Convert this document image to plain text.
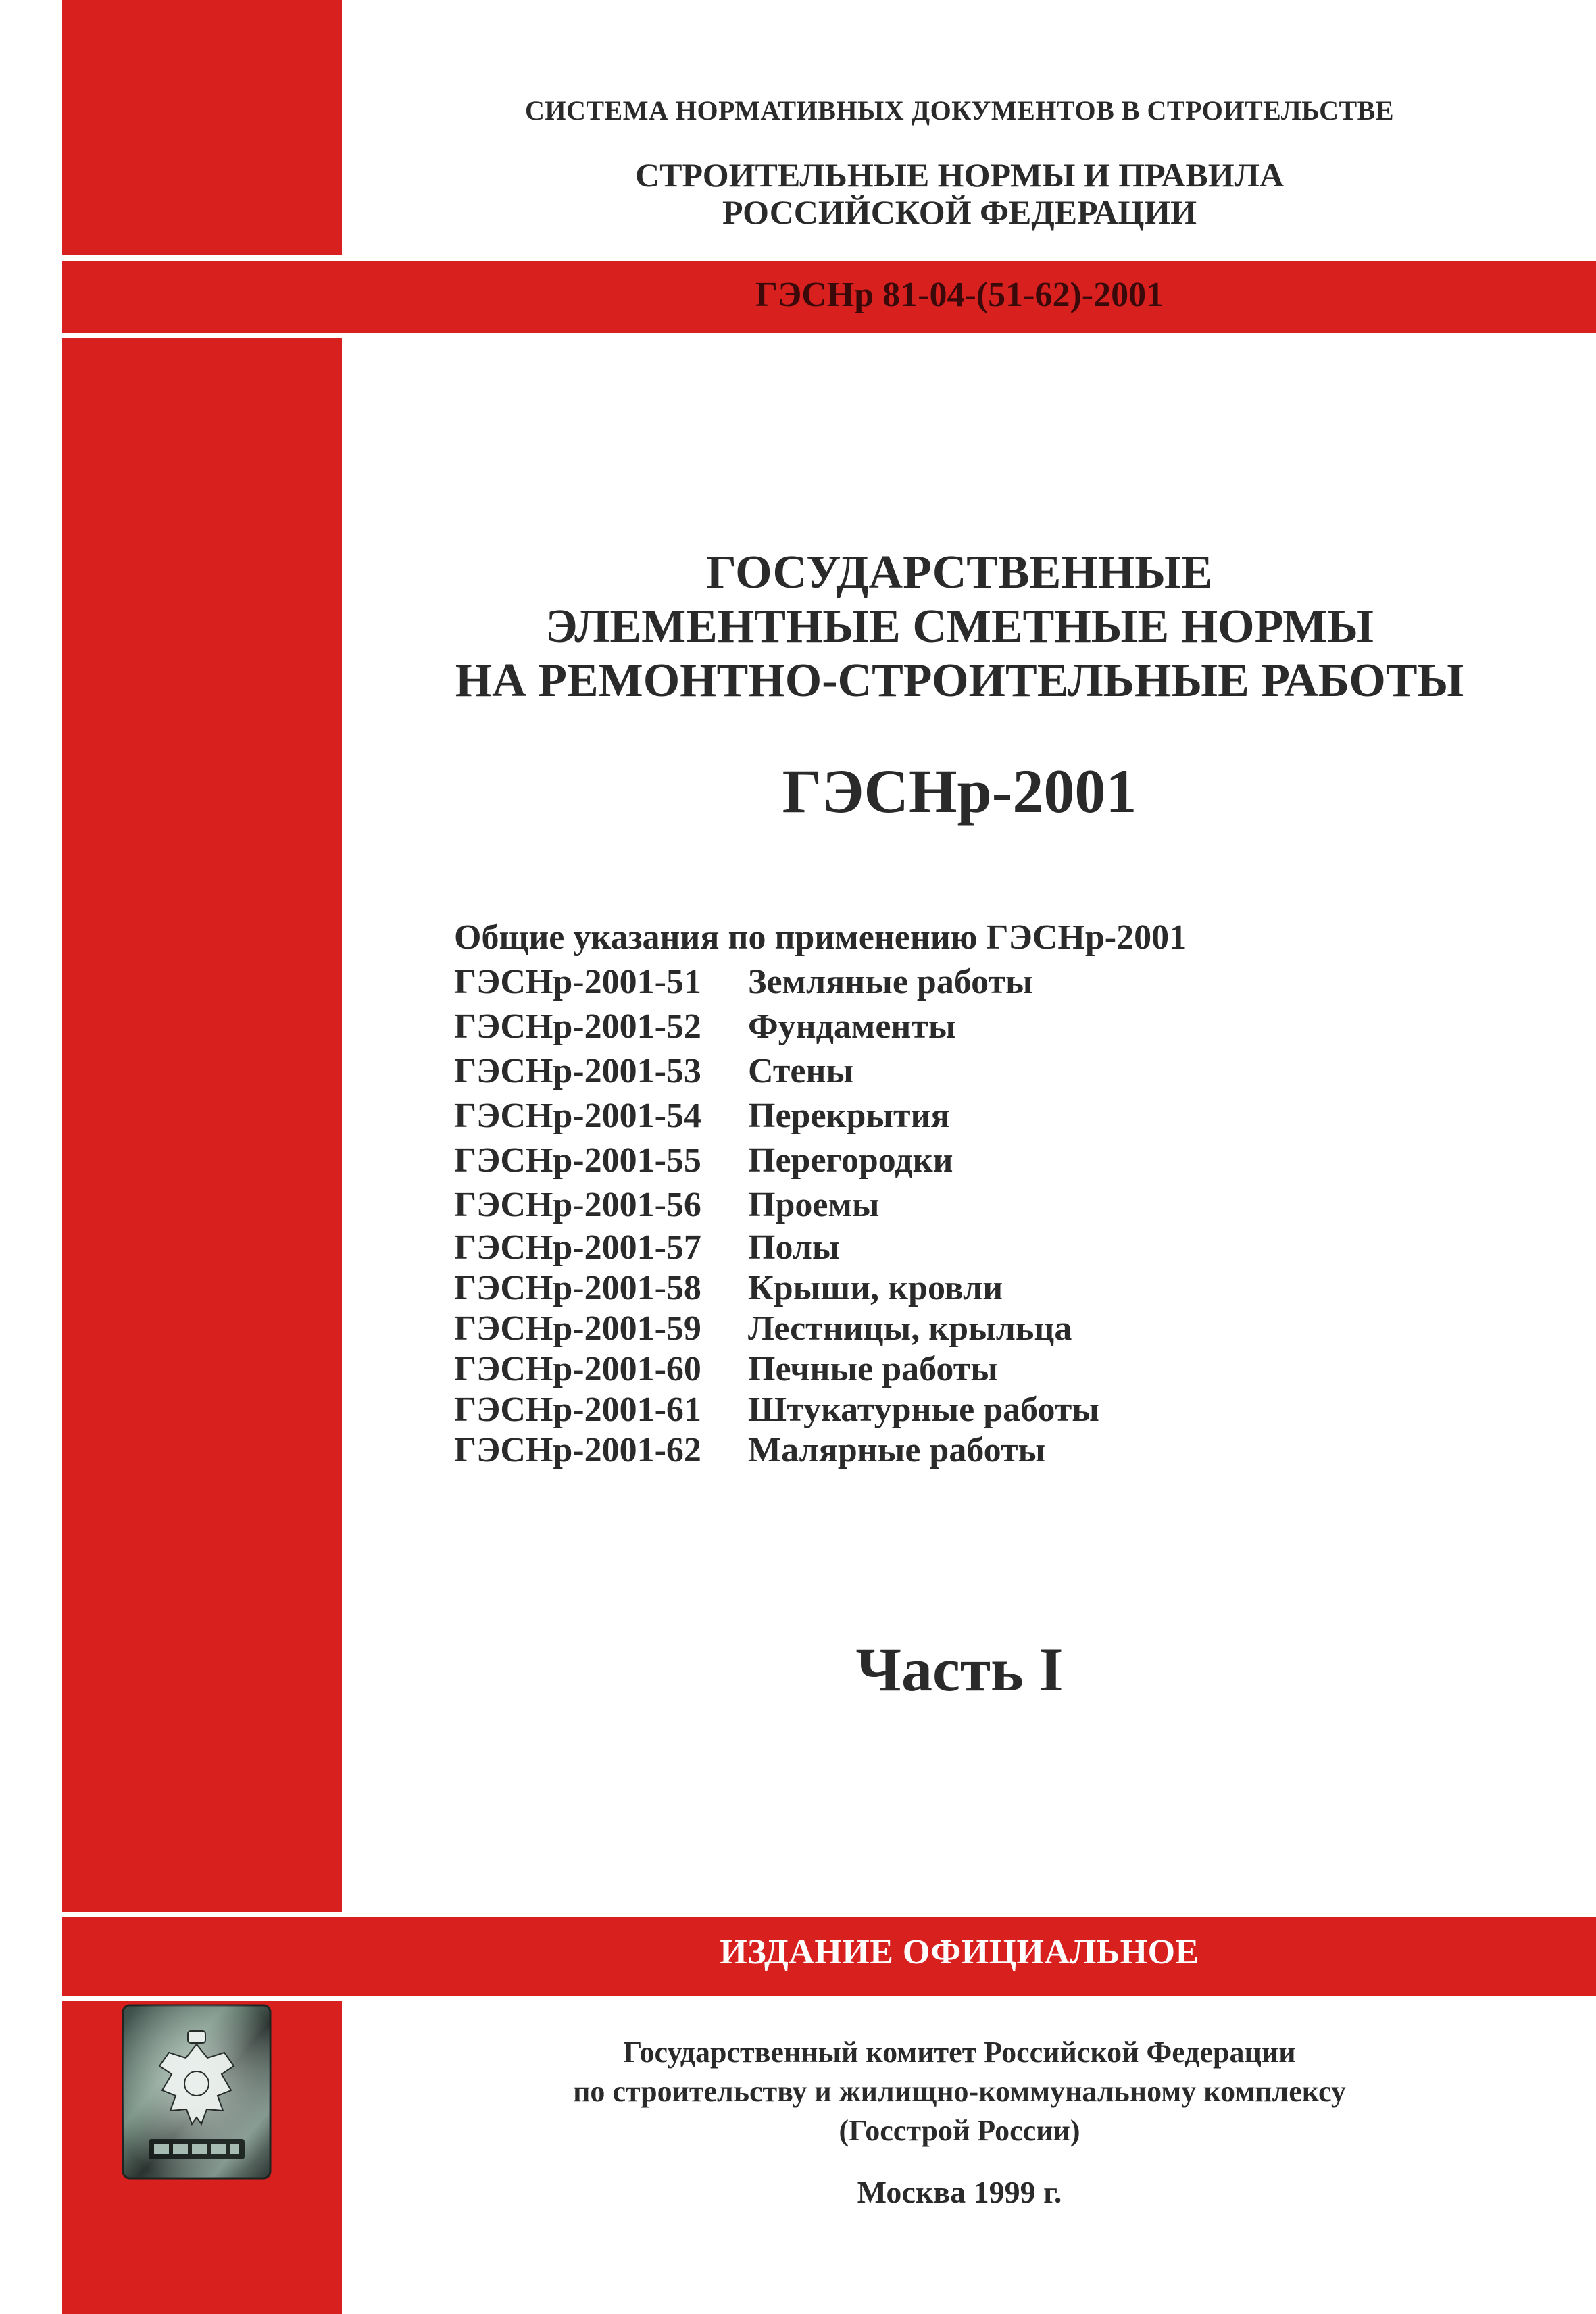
СИСТЕМА НОРМАТИВНЫХ ДОКУМЕНТОВ В СТРОИТЕЛЬСТВЕ
СТРОИТЕЛЬНЫЕ НОРМЫ И ПРАВИЛА
РОССИЙСКОЙ ФЕДЕРАЦИИ
ГЭСНр 81-04-(51-62)-2001
ГОСУДАРСТВЕННЫЕ
ЭЛЕМЕНТНЫЕ СМЕТНЫЕ НОРМЫ
НА РЕМОНТНО-СТРОИТЕЛЬНЫЕ РАБОТЫ
ГЭСНр-2001
Общие указания по применению ГЭСНр-2001
ГЭСНр-2001-51	Земляные работы
ГЭСНр-2001-52	Фундаменты
ГЭСНр-2001-53	Стены
ГЭСНр-2001-54	Перекрытия
ГЭСНр-2001-55	Перегородки
ГЭСНр-2001-56	Проемы
ГЭСНр-2001-57	Полы
ГЭСНр-2001-58	Крыши, кровли
ГЭСНр-2001-59	Лестницы, крыльца
ГЭСНр-2001-60	Печные работы
ГЭСНр-2001-61	Штукатурные работы
ГЭСНр-2001-62	Малярные работы
Часть I
ИЗДАНИЕ ОФИЦИАЛЬНОЕ
Государственный комитет Российской Федерации
по строительству и жилищно-коммунальному комплексу
(Госстрой России)
Москва 1999 г.
